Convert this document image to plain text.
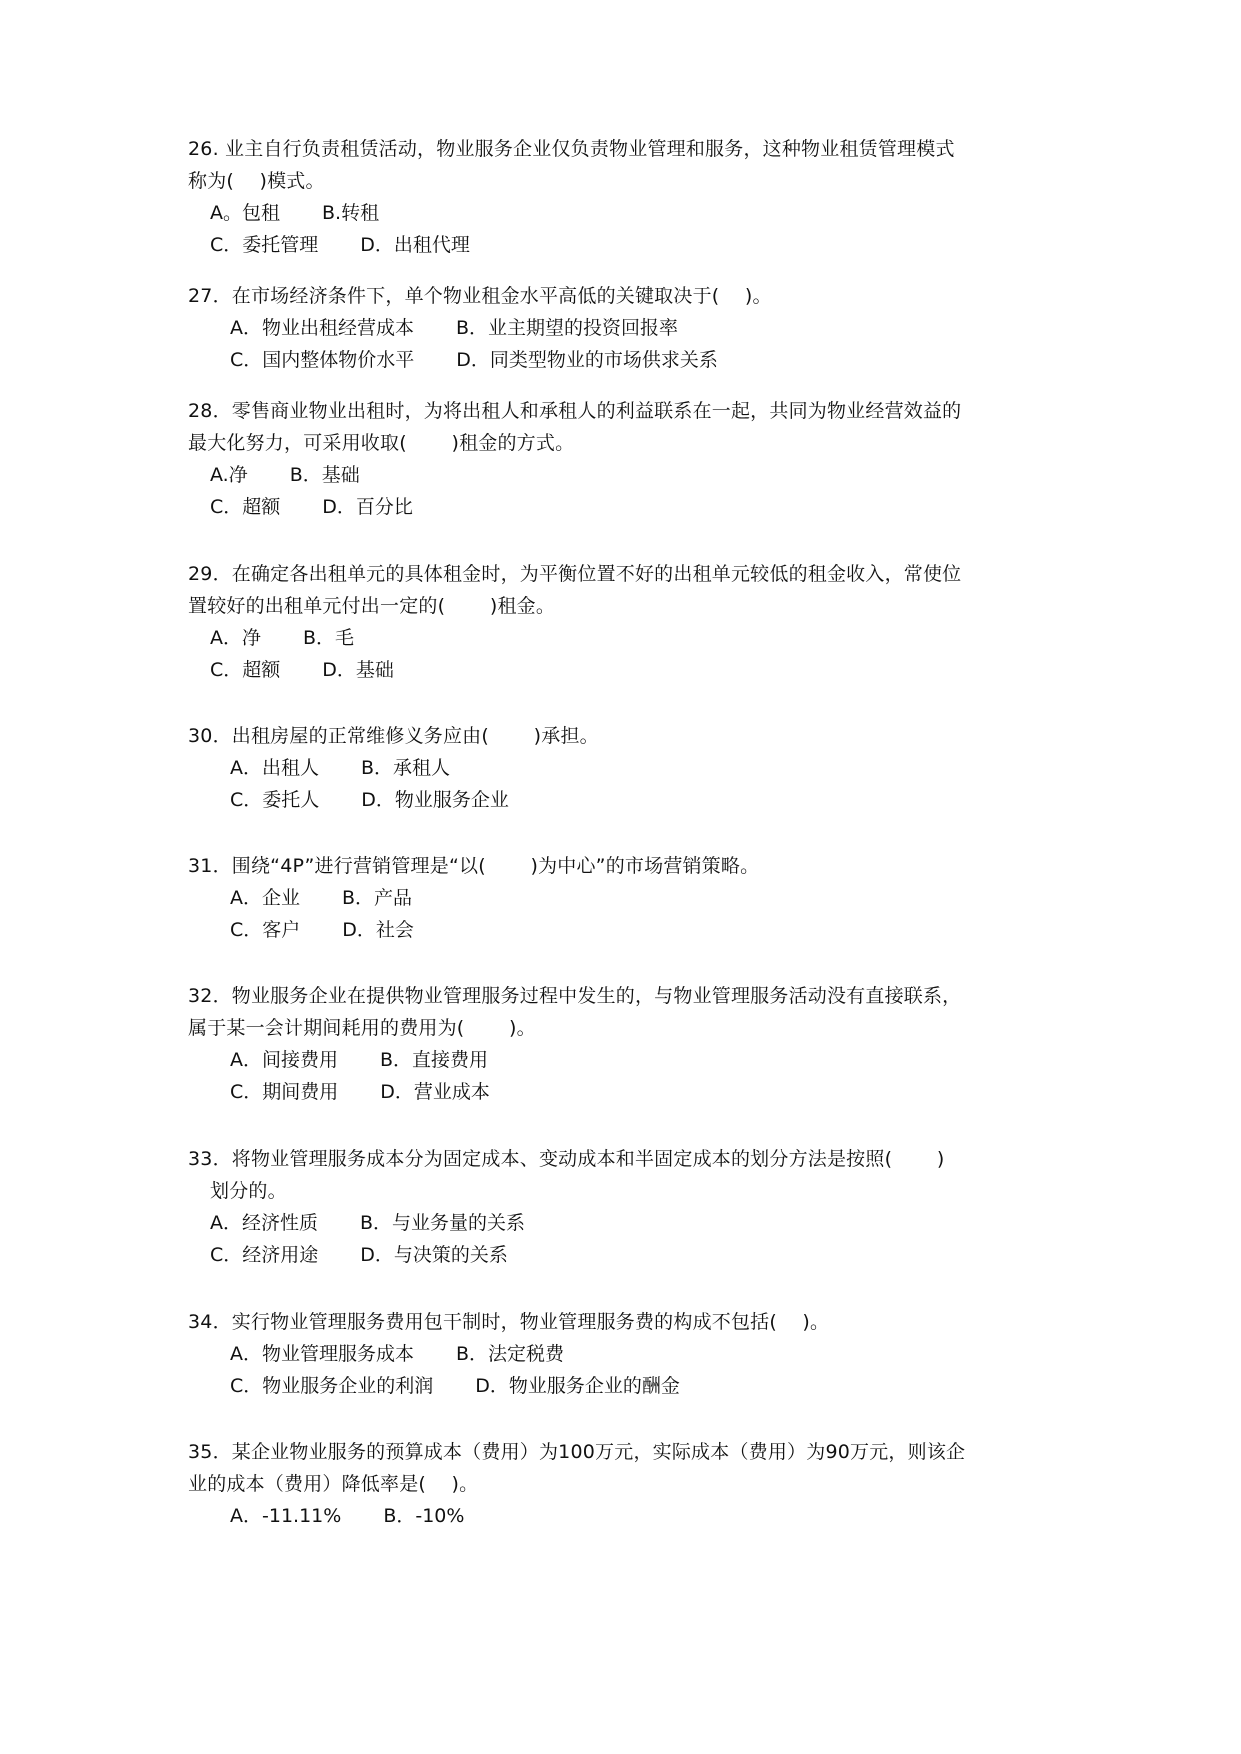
26. 业主自行负责租赁活动，物业服务企业仅负责物业管理和服务，这种物业租赁管理模式
称为(　 )模式。
A。包租 B.转租
C．委托管理 D．出租代理
27．在市场经济条件下，单个物业租金水平高低的关键取决于(　 )。
A．物业出租经营成本 B．业主期望的投资回报率
C．国内整体物价水平 D．同类型物业的市场供求关系
28．零售商业物业出租时，为将出租人和承租人的利益联系在一起，共同为物业经营效益的
最大化努力，可采用收取(　　 )租金的方式。
A.净 B．基础
C．超额 D．百分比
29．在确定各出租单元的具体租金时，为平衡位置不好的出租单元较低的租金收入，常使位
置较好的出租单元付出一定的(　　 )租金。
A．净 B．毛
C．超额 D．基础
30．出租房屋的正常维修义务应由(　　 )承担。
A．出租人 B．承租人
C．委托人 D．物业服务企业
31．围绕“4P”进行营销管理是“以(　　 )为中心”的市场营销策略。
A．企业 B．产品
C．客户 D．社会
32．物业服务企业在提供物业管理服务过程中发生的，与物业管理服务活动没有直接联系，
属于某一会计期间耗用的费用为(　　 )。
A．间接费用 B．直接费用
C．期间费用 D．营业成本
33．将物业管理服务成本分为固定成本、变动成本和半固定成本的划分方法是按照(　　 )
划分的。
A．经济性质 B．与业务量的关系
C．经济用途 D．与决策的关系
34．实行物业管理服务费用包干制时，物业管理服务费的构成不包括(　 )。
A．物业管理服务成本 B．法定税费
C．物业服务企业的利润 D．物业服务企业的酬金
35．某企业物业服务的预算成本（费用）为100万元，实际成本（费用）为90万元，则该企
业的成本（费用）降低率是(　 )。
A．-11.11% B．-10%
